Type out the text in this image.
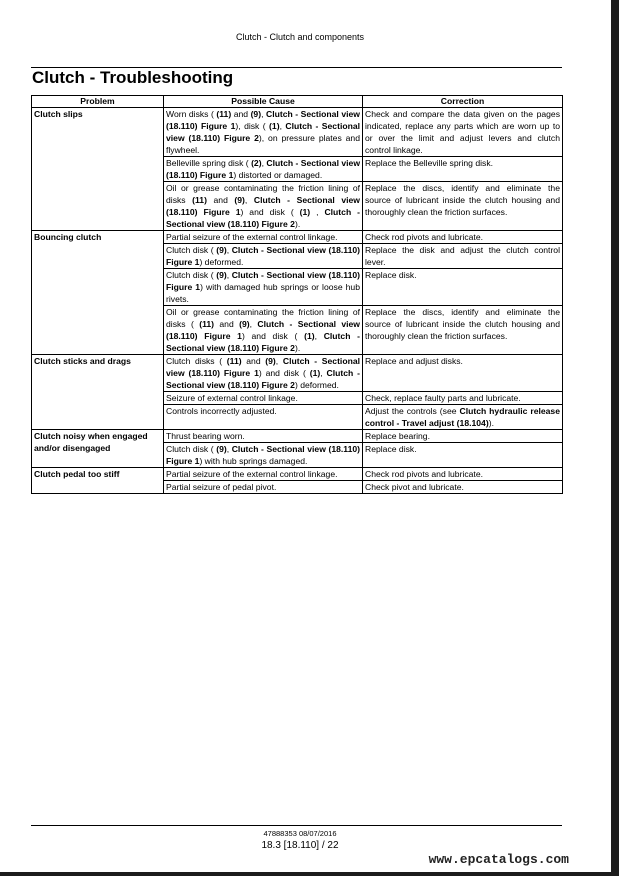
Clutch - Clutch and components
Clutch - Troubleshooting
Problem	Possible Cause	Correction
Clutch slips	Worn disks ( (11) and (9), Clutch - Sectional view (18.110) Figure 1), disk ( (1), Clutch - Sectional view (18.110) Figure 2), on pressure plates and flywheel.	Check and compare the data given on the pages indicated, replace any parts which are worn up to or over the limit and adjust levers and clutch control linkage.
	Belleville spring disk ( (2), Clutch - Sectional view (18.110) Figure 1) distorted or damaged.	Replace the Belleville spring disk.
	Oil or grease contaminating the friction lining of disks (11) and (9), Clutch - Sectional view (18.110) Figure 1) and disk ( (1) , Clutch - Sectional view (18.110) Figure 2).	Replace the discs, identify and eliminate the source of lubricant inside the clutch housing and thoroughly clean the friction surfaces.
Bouncing clutch	Partial seizure of the external control linkage.	Check rod pivots and lubricate.
	Clutch disk ( (9), Clutch - Sectional view (18.110) Figure 1) deformed.	Replace the disk and adjust the clutch control lever.
	Clutch disk ( (9), Clutch - Sectional view (18.110) Figure 1) with damaged hub springs or loose hub rivets.	Replace disk.
	Oil or grease contaminating the friction lining of disks ( (11) and (9), Clutch - Sectional view (18.110) Figure 1) and disk ( (1), Clutch - Sectional view (18.110) Figure 2).	Replace the discs, identify and eliminate the source of lubricant inside the clutch housing and thoroughly clean the friction surfaces.
Clutch sticks and drags	Clutch disks ( (11) and (9), Clutch - Sectional view (18.110) Figure 1) and disk ( (1), Clutch - Sectional view (18.110) Figure 2) deformed.	Replace and adjust disks.
	Seizure of external control linkage.	Check, replace faulty parts and lubricate.
	Controls incorrectly adjusted.	Adjust the controls (see Clutch hydraulic release control - Travel adjust (18.104)).
Clutch noisy when engaged and/or disengaged	Thrust bearing worn.	Replace bearing.
	Clutch disk ( (9), Clutch - Sectional view (18.110) Figure 1) with hub springs damaged.	Replace disk.
Clutch pedal too stiff	Partial seizure of the external control linkage.	Check rod pivots and lubricate.
	Partial seizure of pedal pivot.	Check pivot and lubricate.
47888353 08/07/2016
18.3 [18.110] / 22
www.epcatalogs.com
